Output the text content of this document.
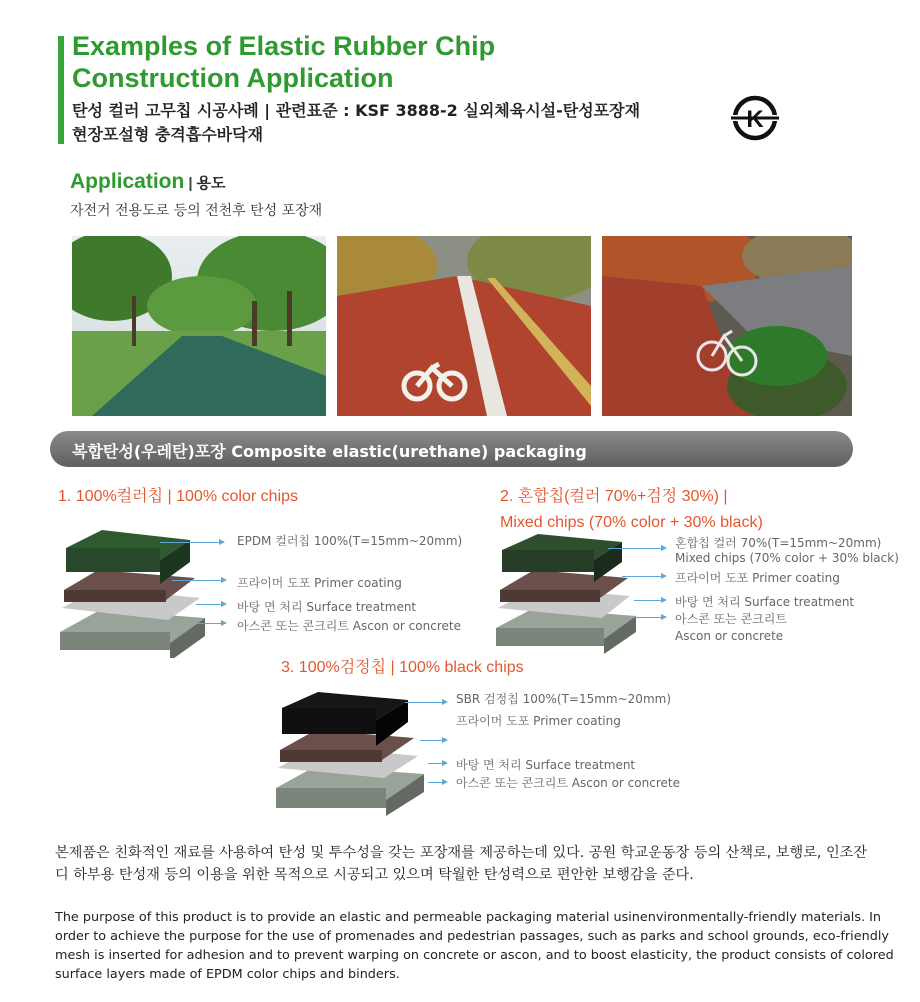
Examples of Elastic Rubber Chip
Construction Application
탄성 컬러 고무칩 시공사례 | 관련표준 : KSF 3888-2 실외체육시설-탄성포장재
현장포설형 충격흡수바닥재
K
Application | 용도
자전거 전용도로 등의 전천후 탄성 포장재
복합탄성(우레탄)포장 Composite elastic(urethane) packaging
1. 100%컬러칩 | 100% color chips
EPDM 컬러칩 100%(T=15mm~20mm)
프라이머 도포 Primer coating
바탕 면 처리 Surface treatment
아스콘 또는 콘크리트 Ascon or concrete
2. 혼합칩(컬러 70%+검정 30%) |
Mixed chips (70% color + 30% black)
혼합칩 컬러 70%(T=15mm~20mm)
Mixed chips (70% color + 30% black)
프라이머 도포 Primer coating
바탕 면 처리 Surface treatment
아스콘 또는 콘크리트
Ascon or concrete
3. 100%검정칩 | 100% black chips
SBR 검정칩 100%(T=15mm~20mm)
프라이머 도포 Primer coating
바탕 면 처리 Surface treatment
아스콘 또는 콘크리트 Ascon or concrete
본제품은 친화적인 재료를 사용하여 탄성 및 투수성을 갖는 포장재를 제공하는데 있다. 공원 학교운동장 등의 산책로, 보행로, 인조잔디 하부용 탄성재 등의 이용을 위한 목적으로 시공되고 있으며 탁월한 탄성력으로 편안한 보행감을 준다.
The purpose of this product is to provide an elastic and permeable packaging material usinenvironmentally-friendly materials. In order to achieve the purpose for the use of promenades and pedestrian passages, such as parks and school grounds, eco-friendly mesh is inserted for adhesion and to prevent warping on concrete or ascon, and to boost elasticity, the product consists of colored surface layers made of EPDM color chips and binders.
